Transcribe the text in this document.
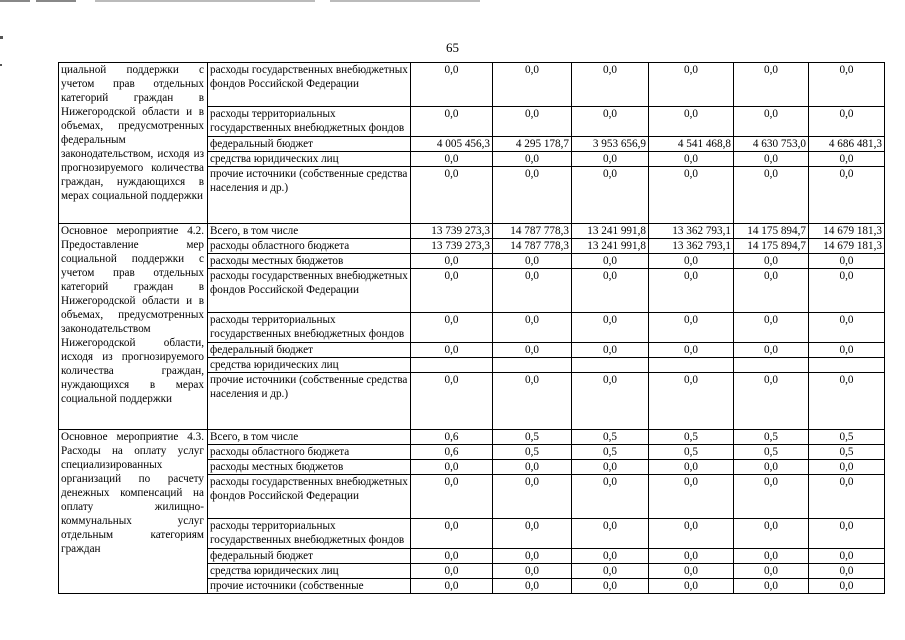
65
циальной поддержки с учетом прав отдельных категорий граждан в Нижегородской области и в объемах, предусмотренных федеральным законодательством, исходя из прогнозируемого количества граждан, нуждающихся в мерах социальной поддержки	расходы государственных внебюджетных фондов Российской Федерации	0,0	0,0	0,0	0,0	0,0	0,0
	расходы территориальных государственных внебюджетных фондов	0,0	0,0	0,0	0,0	0,0	0,0
	федеральный бюджет	4 005 456,3	4 295 178,7	3 953 656,9	4 541 468,8	4 630 753,0	4 686 481,3
	средства юридических лиц	0,0	0,0	0,0	0,0	0,0	0,0
	прочие источники (собственные средства населения и др.)	0,0	0,0	0,0	0,0	0,0	0,0
Основное мероприятие 4.2. Предоставление мер социальной поддержки с учетом прав отдельных категорий граждан в Нижегородской области и в объемах, предусмотренных законодательством Нижегородской области, исходя из прогнозируемого количества граждан, нуждающихся в мерах социальной поддержки	Всего, в том числе	13 739 273,3	14 787 778,3	13 241 991,8	13 362 793,1	14 175 894,7	14 679 181,3
	расходы областного бюджета	13 739 273,3	14 787 778,3	13 241 991,8	13 362 793,1	14 175 894,7	14 679 181,3
	расходы местных бюджетов	0,0	0,0	0,0	0,0	0,0	0,0
	расходы государственных внебюджетных фондов Российской Федерации	0,0	0,0	0,0	0,0	0,0	0,0
	расходы территориальных государственных внебюджетных фондов	0,0	0,0	0,0	0,0	0,0	0,0
	федеральный бюджет	0,0	0,0	0,0	0,0	0,0	0,0
	средства юридических лиц						
	прочие источники (собственные средства населения и др.)	0,0	0,0	0,0	0,0	0,0	0,0
Основное мероприятие 4.3. Расходы на оплату услуг специализированных организаций по расчету денежных компенсаций на оплату жилищно-коммунальных услуг отдельным категориям граждан	Всего, в том числе	0,6	0,5	0,5	0,5	0,5	0,5
	расходы областного бюджета	0,6	0,5	0,5	0,5	0,5	0,5
	расходы местных бюджетов	0,0	0,0	0,0	0,0	0,0	0,0
	расходы государственных внебюджетных фондов Российской Федерации	0,0	0,0	0,0	0,0	0,0	0,0
	расходы территориальных государственных внебюджетных фондов	0,0	0,0	0,0	0,0	0,0	0,0
	федеральный бюджет	0,0	0,0	0,0	0,0	0,0	0,0
	средства юридических лиц	0,0	0,0	0,0	0,0	0,0	0,0
	прочие источники (собственные	0,0	0,0	0,0	0,0	0,0	0,0
